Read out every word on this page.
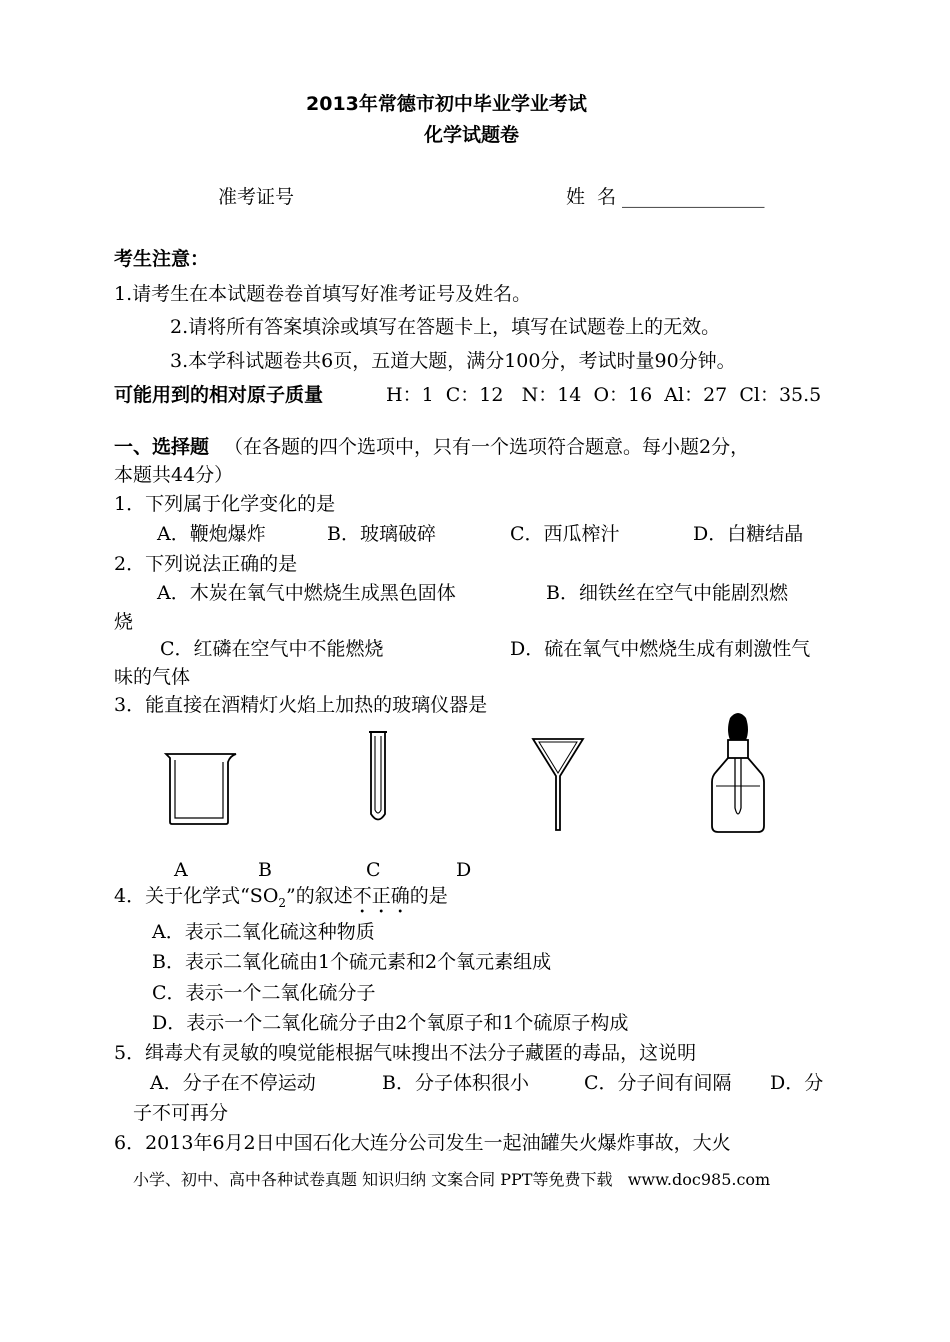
2013年常德市初中毕业学业考试
化学试题卷
准考证号	姓  名 _______________
考生注意：
1.请考生在本试题卷卷首填写好准考证号及姓名。
2.请将所有答案填涂或填写在答题卡上，填写在试题卷上的无效。
3.本学科试题卷共6页，五道大题，满分100分，考试时量90分钟。
可能用到的相对原子质量	H：1  C：12   N：14  O：16  Al：27  Cl：35.5
一、选择题 （在各题的四个选项中，只有一个选项符合题意。每小题2分，
本题共44分）
1．下列属于化学变化的是
A．鞭炮爆炸	B．玻璃破碎	C．西瓜榨汁	D．白糖结晶
2．下列说法正确的是
A．木炭在氧气中燃烧生成黑色固体	B．细铁丝在空气中能剧烈燃
烧
C．红磷在空气中不能燃烧	D．硫在氧气中燃烧生成有刺激性气
味的气体
3．能直接在酒精灯火焰上加热的玻璃仪器是
A	B	C	D
4．关于化学式“$SO_2$”的叙述不正确的是
A．表示二氧化硫这种物质
B．表示二氧化硫由1个硫元素和2个氧元素组成
C．表示一个二氧化硫分子
D．表示一个二氧化硫分子由2个氧原子和1个硫原子构成
5．缉毒犬有灵敏的嗅觉能根据气味搜出不法分子藏匿的毒品，这说明
A．分子在不停运动	B．分子体积很小	C．分子间有间隔 D．分
子不可再分
6．2013年6月2日中国石化大连分公司发生一起油罐失火爆炸事故，大火
小学、初中、高中各种试卷真题 知识归纳 文案合同 PPT等免费下载   www.doc985.com
